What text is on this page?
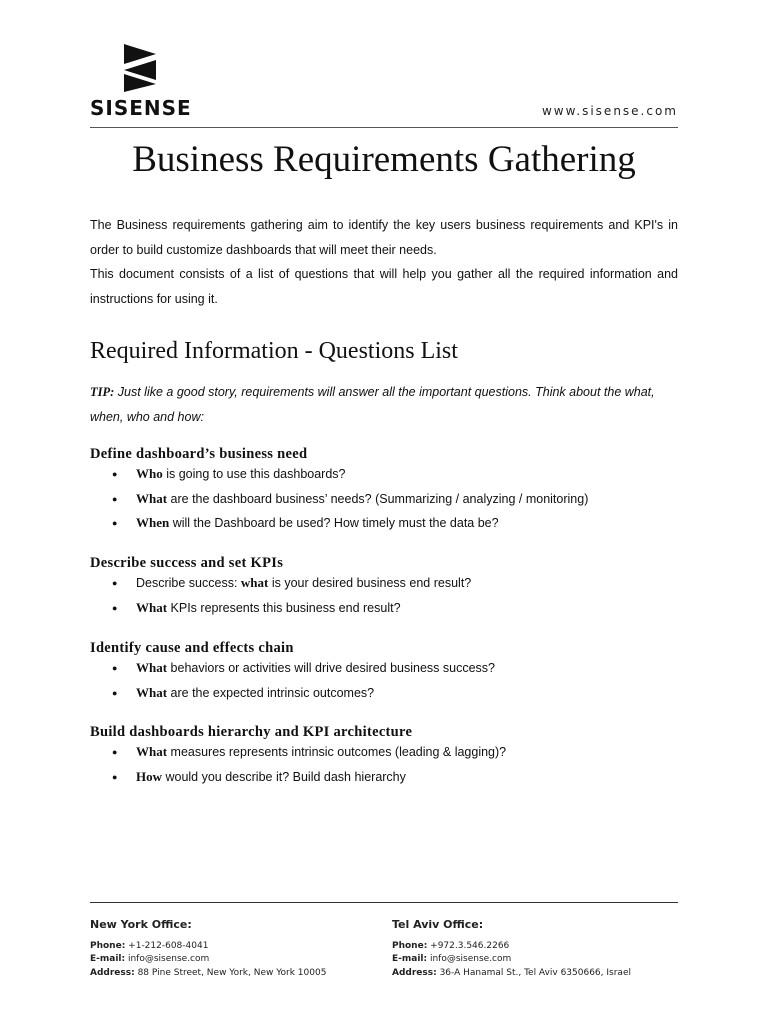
SISENSE	www.sisense.com
Business Requirements Gathering

The Business requirements gathering aim to identify the key users business requirements and KPI's in order to build customize dashboards that will meet their needs.

This document consists of a list of questions that will help you gather all the required information and instructions for using it.

Required Information - Questions List

TIP: Just like a good story, requirements will answer all the important questions. Think about the what, when, who and how:

Define dashboard’s business need
● Who is going to use this dashboards?
● What are the dashboard business’ needs? (Summarizing / analyzing / monitoring)
● When will the Dashboard be used? How timely must the data be?
Describe success and set KPIs
● Describe success: what is your desired business end result?
● What KPIs represents this business end result?
Identify cause and effects chain
● What behaviors or activities will drive desired business success?
● What are the expected intrinsic outcomes?
Build dashboards hierarchy and KPI architecture
● What measures represents intrinsic outcomes (leading & lagging)?
● How would you describe it? Build dash hierarchy
New York Office:
Phone: +1-212-608-4041
E-mail: info@sisense.com
Address: 88 Pine Street, New York, New York 10005
Tel Aviv Office:
Phone: +972.3.546.2266
E-mail: info@sisense.com
Address: 36-A Hanamal St., Tel Aviv 6350666, Israel
